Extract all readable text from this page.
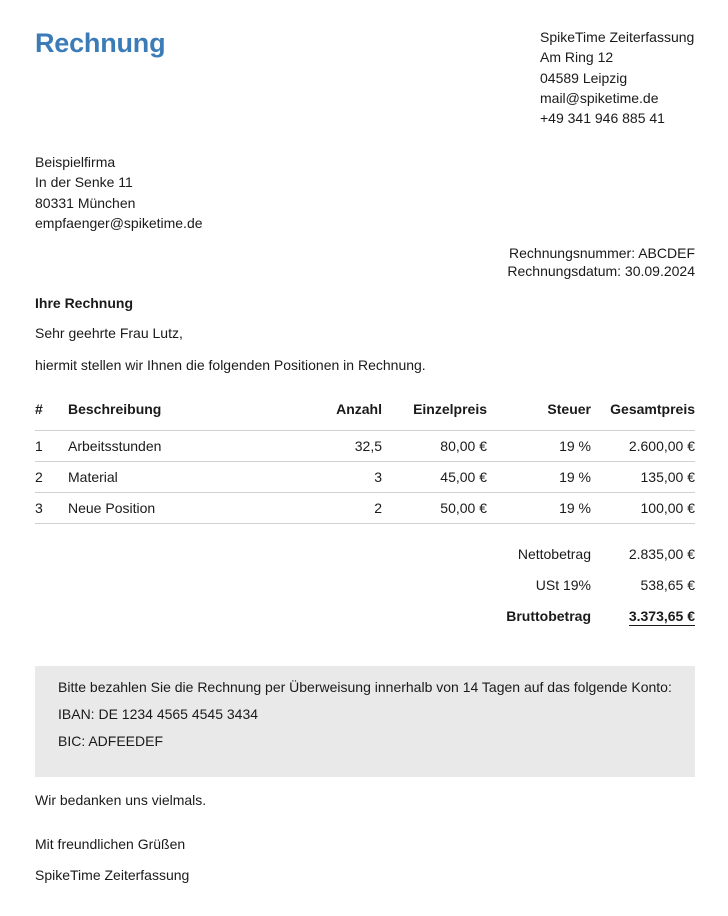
Rechnung	SpikeTime Zeiterfassung
Am Ring 12
04589 Leipzig
mail@spiketime.de
+49 341 946 885 41
Beispielfirma
In der Senke 11
80331 München
empfaenger@spiketime.de
Rechnungsnummer: ABCDEF
Rechnungsdatum: 30.09.2024
Ihre Rechnung
Sehr geehrte Frau Lutz,
hiermit stellen wir Ihnen die folgenden Positionen in Rechnung.
#	Beschreibung	Anzahl	Einzelpreis	Steuer	Gesamtpreis
1	Arbeitsstunden	32,5	80,00 €	19 %	2.600,00 €
2	Material	3	45,00 €	19 %	135,00 €
3	Neue Position	2	50,00 €	19 %	100,00 €
Nettobetrag	2.835,00 €
USt 19%	538,65 €
Bruttobetrag	3.373,65 €
Bitte bezahlen Sie die Rechnung per Überweisung innerhalb von 14 Tagen auf das folgende Konto:
IBAN: DE 1234 4565 4545 3434
BIC: ADFEEDEF
Wir bedanken uns vielmals.
Mit freundlichen Grüßen
SpikeTime Zeiterfassung
